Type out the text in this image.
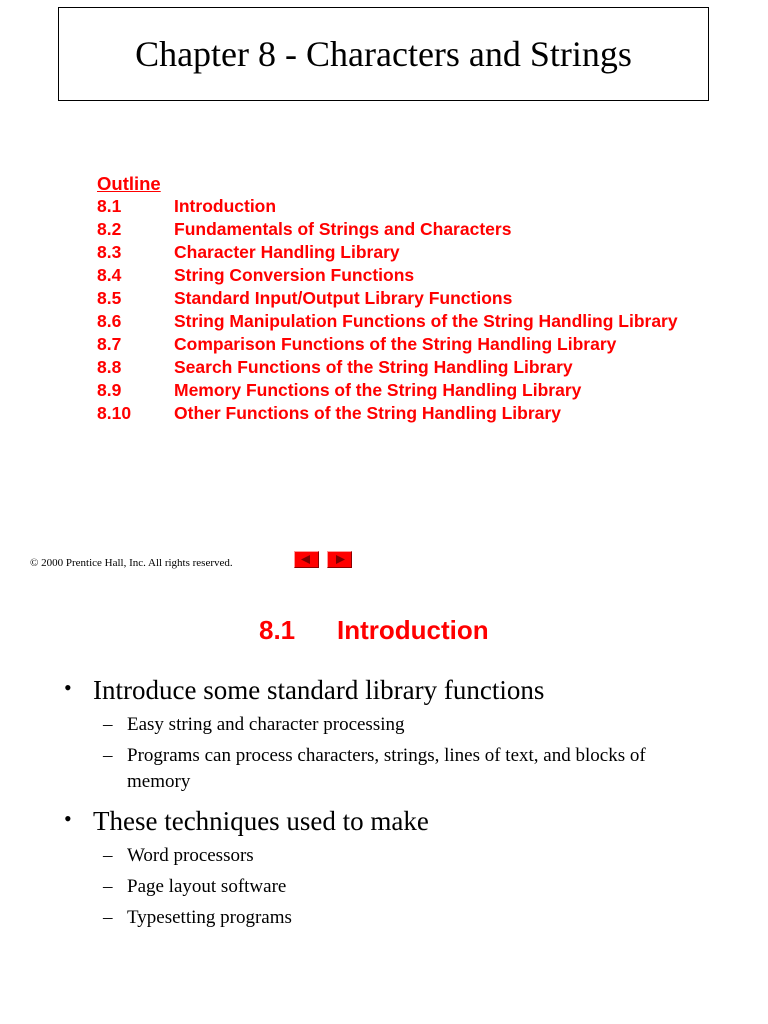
Chapter 8 - Characters and Strings
Outline
8.1	Introduction
8.2	Fundamentals of Strings and Characters
8.3	Character Handling Library
8.4	String Conversion Functions
8.5	Standard Input/Output Library Functions
8.6	String Manipulation Functions of the String Handling Library
8.7	Comparison Functions of the String Handling Library
8.8	Search Functions of the String Handling Library
8.9	Memory Functions of the String Handling Library
8.10	Other Functions of the String Handling Library
© 2000 Prentice Hall, Inc. All rights reserved.
8.1 Introduction
• Introduce some standard library functions
– Easy string and character processing
– Programs can process characters, strings, lines of text, and blocks of memory
• These techniques used to make
– Word processors
– Page layout software
– Typesetting programs
